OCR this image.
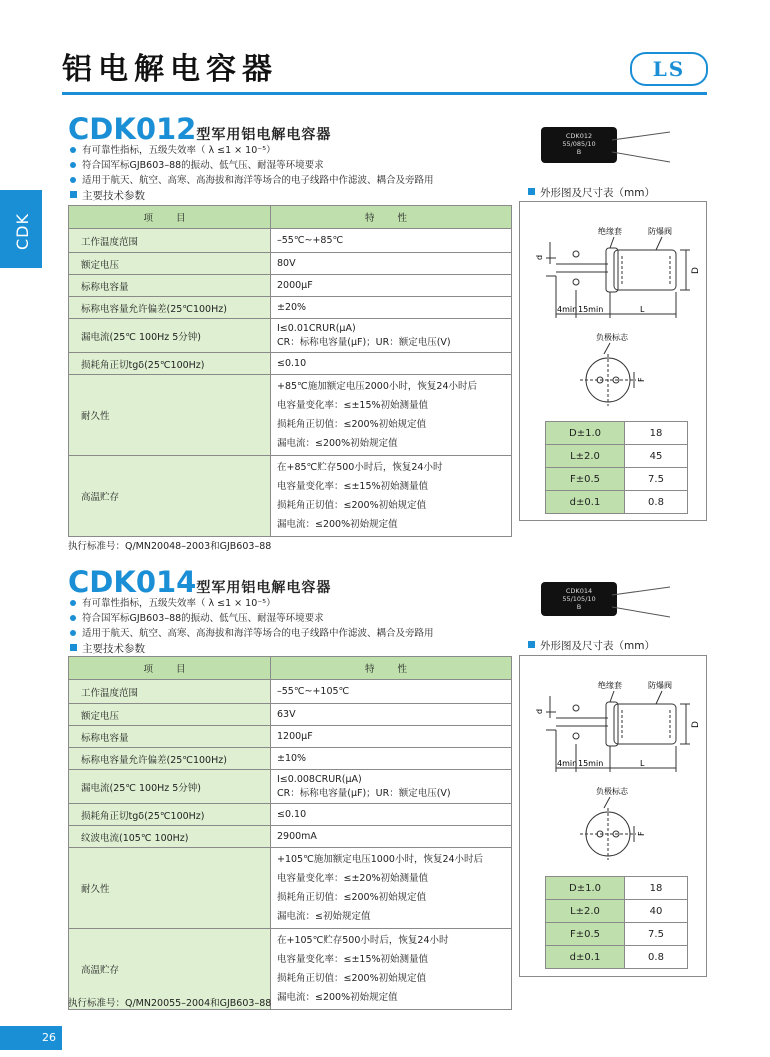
铝电解电容器	LS
CDK
CDK012型军用铝电解电容器
有可靠性指标，五级失效率（ λ ≤1 × 10⁻⁵）
符合国军标GJB603–88的振动、低气压、耐湿等环境要求
适用于航天、航空、高寒、高海拔和海洋等场合的电子线路中作滤波、耦合及旁路用
主要技术参数
项 目	特 性
工作温度范围	–55℃~+85℃
额定电压	80V
标称电容量	2000μF
标称电容量允许偏差(25℃100Hz)	±20%
漏电流(25℃ 100Hz 5分钟)	I≤0.01CRUR(μA)
CR：标称电容量(μF)；UR：额定电压(V)

损耗角正切tgδ(25℃100Hz)	≤0.10
耐久性	+85℃施加额定电压2000小时，恢复24小时后
电容量变化率：≤±15%初始测量值
损耗角正切值：≤200%初始规定值
漏电流：≤200%初始规定值

高温贮存	在+85℃贮存500小时后，恢复24小时
电容量变化率：≤±15%初始测量值
损耗角正切值：≤200%初始规定值
漏电流：≤200%初始规定值
执行标准号：Q/MN20048–2003和GJB603–88
CDK012
55/085/10
B
外形图及尺寸表（mm）
d
D
4min 15min	L
绝缘套	防爆阀
负极标志
F
D±1.0	18
L±2.0	45
F±0.5	7.5
d±0.1	0.8
CDK014型军用铝电解电容器
有可靠性指标，五级失效率（ λ ≤1 × 10⁻⁵）
符合国军标GJB603–88的振动、低气压、耐湿等环境要求
适用于航天、航空、高寒、高海拔和海洋等场合的电子线路中作滤波、耦合及旁路用
主要技术参数
项 目	特 性
工作温度范围	–55℃~+105℃
额定电压	63V
标称电容量	1200μF
标称电容量允许偏差(25℃100Hz)	±10%
漏电流(25℃ 100Hz 5分钟)	I≤0.008CRUR(μA)
CR：标称电容量(μF)；UR：额定电压(V)

损耗角正切tgδ(25℃100Hz)	≤0.10
纹波电流(105℃ 100Hz)	2900mA
耐久性	+105℃施加额定电压1000小时，恢复24小时后
电容量变化率：≤±20%初始测量值
损耗角正切值：≤200%初始规定值
漏电流：≤初始规定值

高温贮存	在+105℃贮存500小时后，恢复24小时
电容量变化率：≤±15%初始测量值
损耗角正切值：≤200%初始规定值
漏电流：≤200%初始规定值
执行标准号：Q/MN20055–2004和GJB603–88
CDK014
55/105/10
B
外形图及尺寸表（mm）
d
D
4min 15min	L
绝缘套	防爆阀
负极标志
F
D±1.0	18
L±2.0	40
F±0.5	7.5
d±0.1	0.8
26
